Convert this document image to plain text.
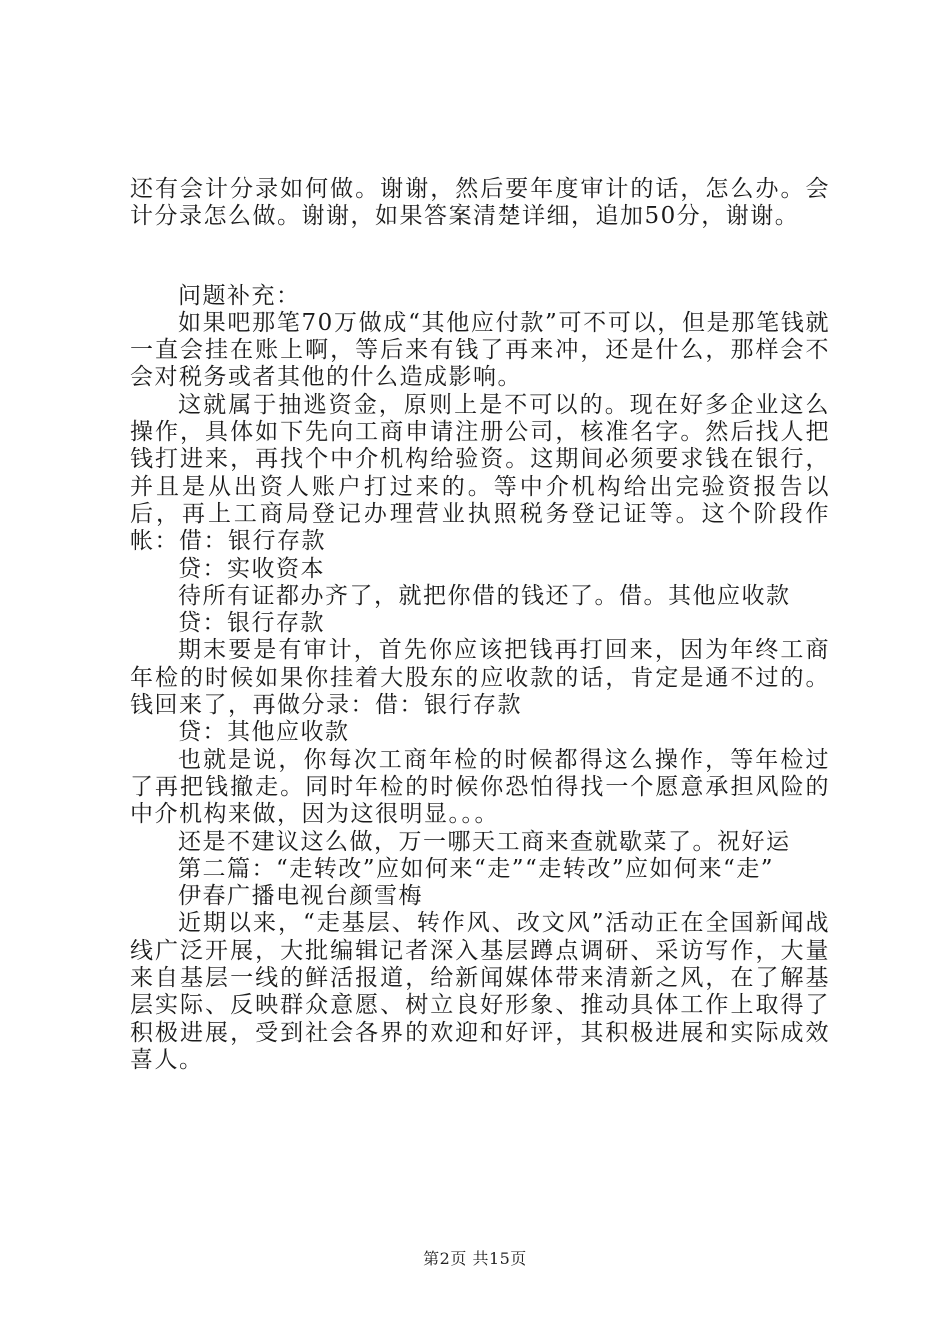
还有会计分录如何做。谢谢，然后要年度审计的话，怎么办。会计分录怎么做。谢谢，如果答案清楚详细，追加50分，谢谢。

问题补充：

如果吧那笔70万做成“其他应付款”可不可以，但是那笔钱就一直会挂在账上啊，等后来有钱了再来冲，还是什么，那样会不会对税务或者其他的什么造成影响。

这就属于抽逃资金，原则上是不可以的。现在好多企业这么操作，具体如下先向工商申请注册公司，核准名字。然后找人把钱打进来，再找个中介机构给验资。这期间必须要求钱在银行，并且是从出资人账户打过来的。等中介机构给出完验资报告以后，再上工商局登记办理营业执照税务登记证等。这个阶段作帐：借：银行存款

贷：实收资本

待所有证都办齐了，就把你借的钱还了。借。其他应收款

贷：银行存款

期末要是有审计，首先你应该把钱再打回来，因为年终工商年检的时候如果你挂着大股东的应收款的话，肯定是通不过的。钱回来了，再做分录：借：银行存款

贷：其他应收款

也就是说，你每次工商年检的时候都得这么操作，等年检过了再把钱撤走。同时年检的时候你恐怕得找一个愿意承担风险的中介机构来做，因为这很明显。。。

还是不建议这么做，万一哪天工商来查就歇菜了。祝好运

第二篇：“走转改”应如何来“走”“走转改”应如何来“走”

伊春广播电视台颜雪梅

近期以来，“走基层、转作风、改文风”活动正在全国新闻战线广泛开展，大批编辑记者深入基层蹲点调研、采访写作，大量来自基层一线的鲜活报道，给新闻媒体带来清新之风，在了解基层实际、反映群众意愿、树立良好形象、推动具体工作上取得了积极进展，受到社会各界的欢迎和好评，其积极进展和实际成效喜人。

第2页 共15页
